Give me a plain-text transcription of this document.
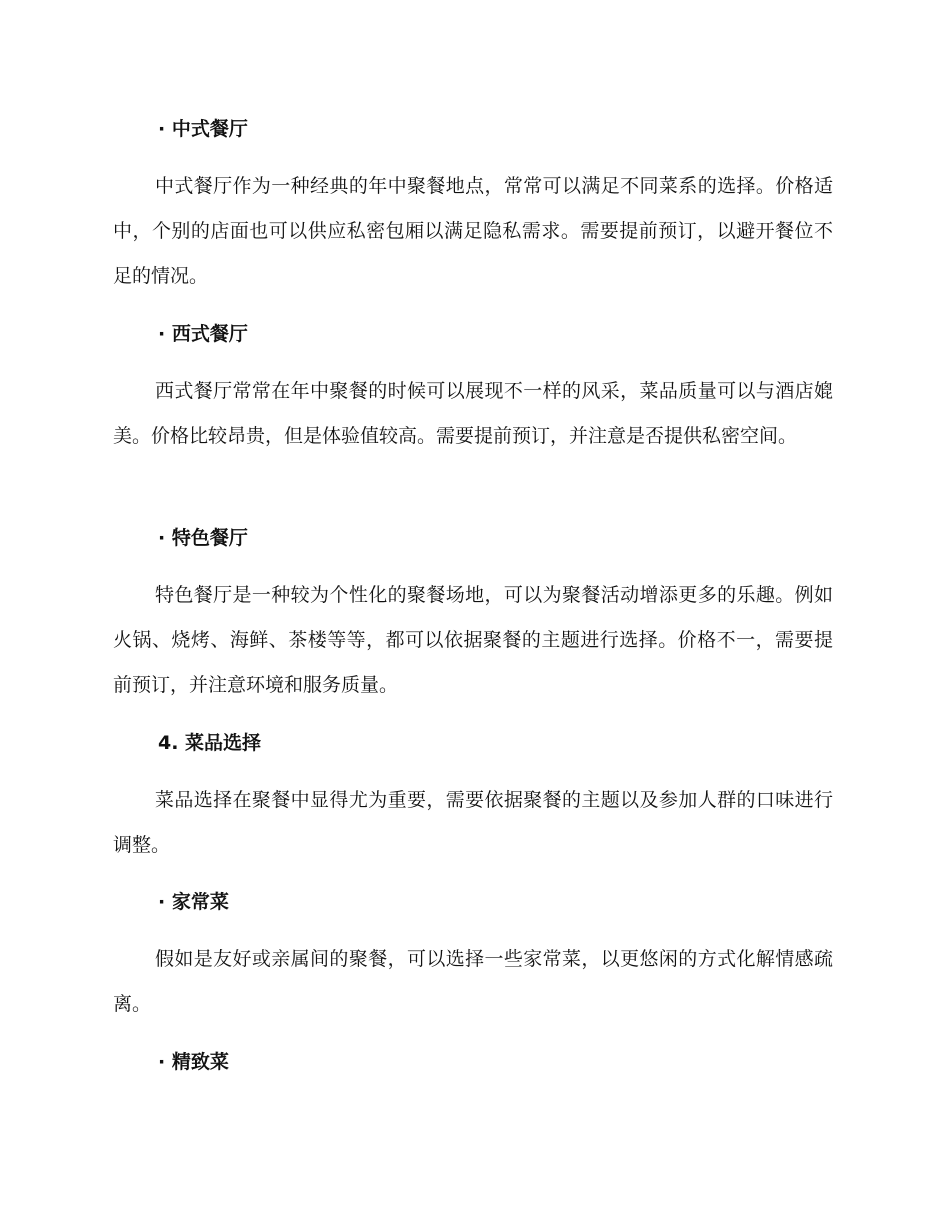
· 中式餐厅
中式餐厅作为一种经典的年中聚餐地点，常常可以满足不同菜系的选择。价格适中，个别的店面也可以供应私密包厢以满足隐私需求。需要提前预订，以避开餐位不足的情况。
· 西式餐厅
西式餐厅常常在年中聚餐的时候可以展现不一样的风采，菜品质量可以与酒店媲美。价格比较昂贵，但是体验值较高。需要提前预订，并注意是否提供私密空间。
· 特色餐厅
特色餐厅是一种较为个性化的聚餐场地，可以为聚餐活动增添更多的乐趣。例如火锅、烧烤、海鲜、茶楼等等，都可以依据聚餐的主题进行选择。价格不一，需要提前预订，并注意环境和服务质量。
4. 菜品选择
菜品选择在聚餐中显得尤为重要，需要依据聚餐的主题以及参加人群的口味进行调整。
· 家常菜
假如是友好或亲属间的聚餐，可以选择一些家常菜，以更悠闲的方式化解情感疏离。
· 精致菜
